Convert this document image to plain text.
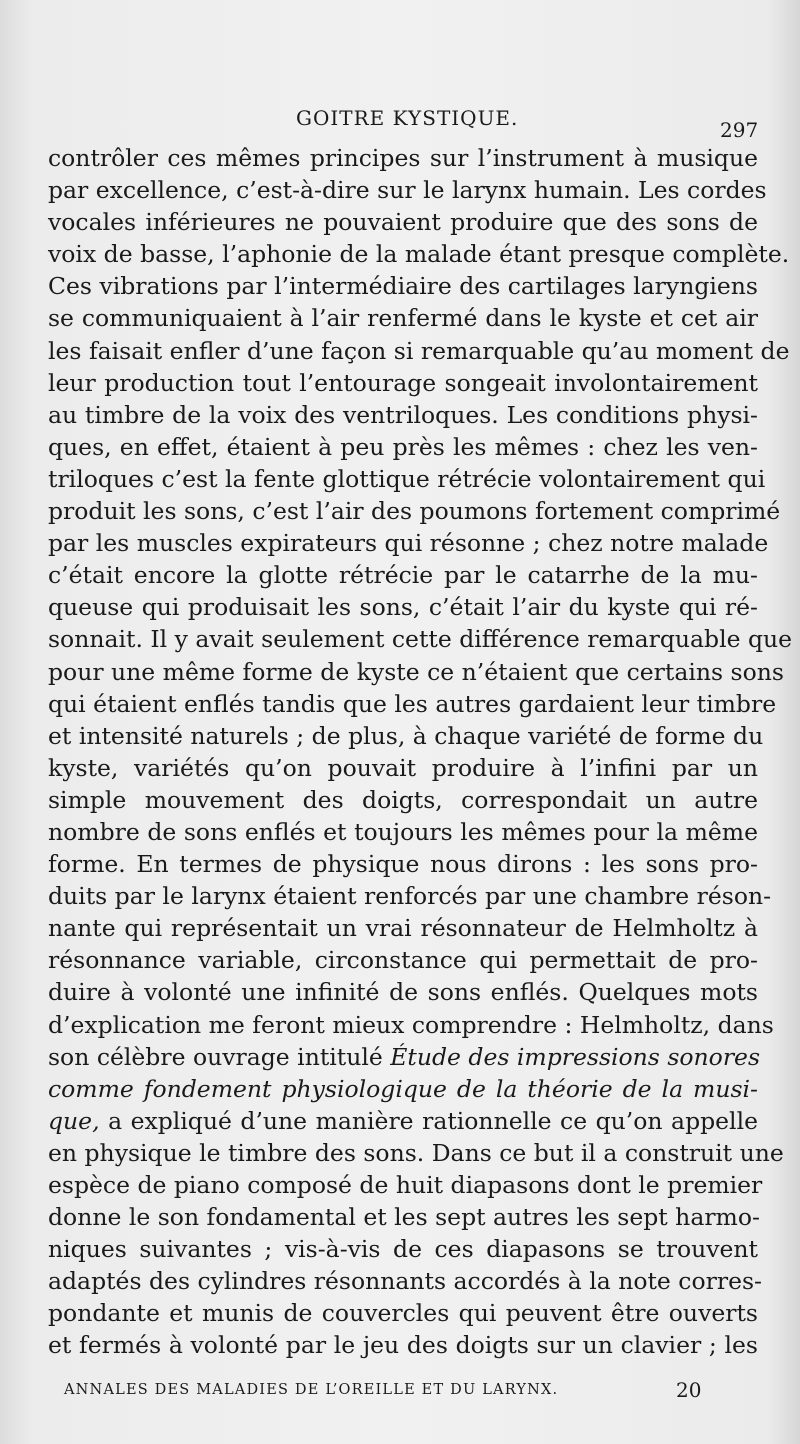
GOITRE KYSTIQUE.	297
contrôler ces mêmes principes sur l’instrument à musique
par excellence, c’est-à-dire sur le larynx humain. Les cordes
vocales inférieures ne pouvaient produire que des sons de
voix de basse, l’aphonie de la malade étant presque complète.
Ces vibrations par l’intermédiaire des cartilages laryngiens
se communiquaient à l’air renfermé dans le kyste et cet air
les faisait enfler d’une façon si remarquable qu’au moment de
leur production tout l’entourage songeait involontairement
au timbre de la voix des ventriloques. Les conditions physi-
ques, en effet, étaient à peu près les mêmes : chez les ven-
triloques c’est la fente glottique rétrécie volontairement qui
produit les sons, c’est l’air des poumons fortement comprimé
par les muscles expirateurs qui résonne ; chez notre malade
c’était encore la glotte rétrécie par le catarrhe de la mu-
queuse qui produisait les sons, c’était l’air du kyste qui ré-
sonnait. Il y avait seulement cette différence remarquable que
pour une même forme de kyste ce n’étaient que certains sons
qui étaient enflés tandis que les autres gardaient leur timbre
et intensité naturels ; de plus, à chaque variété de forme du
kyste, variétés qu’on pouvait produire à l’infini par un
simple mouvement des doigts, correspondait un autre
nombre de sons enflés et toujours les mêmes pour la même
forme. En termes de physique nous dirons : les sons pro-
duits par le larynx étaient renforcés par une chambre réson-
nante qui représentait un vrai résonnateur de Helmholtz à
résonnance variable, circonstance qui permettait de pro-
duire à volonté une infinité de sons enflés. Quelques mots
d’explication me feront mieux comprendre : Helmholtz, dans
son célèbre ouvrage intitulé Étude des impressions sonores
comme fondement physiologique de la théorie de la musi-
que, a expliqué d’une manière rationnelle ce qu’on appelle
en physique le timbre des sons. Dans ce but il a construit une
espèce de piano composé de huit diapasons dont le premier
donne le son fondamental et les sept autres les sept harmo-
niques suivantes ; vis-à-vis de ces diapasons se trouvent
adaptés des cylindres résonnants accordés à la note corres-
pondante et munis de couvercles qui peuvent être ouverts
et fermés à volonté par le jeu des doigts sur un clavier ; les
ANNALES DES MALADIES DE L’OREILLE ET DU LARYNX.	20
